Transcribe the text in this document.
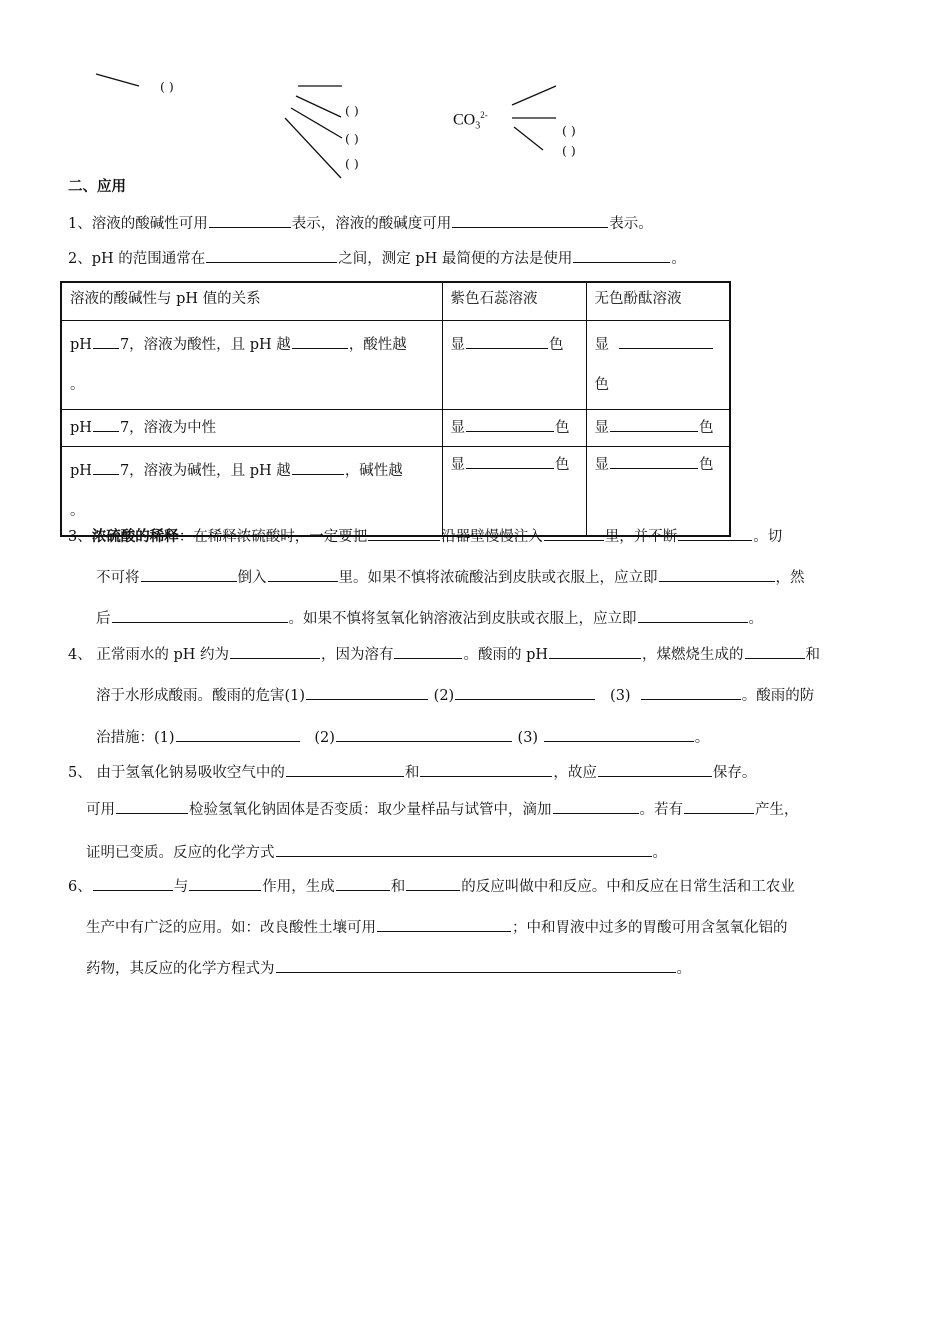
( )
( )
( )
( )
$CO_3^{2-}$
( )
( )
二、应用
1、溶液的酸碱性可用	表示，溶液的酸碱度可用	表示。
2、pH 的范围通常在	之间，测定 pH 最简便的方法是使用	。
溶液的酸碱性与 pH 值的关系	紫色石蕊溶液	无色酚酞溶液
pH 7，溶液为酸性，且 pH 越 ，酸性越
。	显 色	显
色
pH 7，溶液为中性	显 色	显 色
pH 7，溶液为碱性，且 pH 越 ，碱性越
。	显 色	显 色
3、浓硫酸的稀释：在稀释浓硫酸时，一定要把	沿器壁慢慢注入	里，并不断	。切
不可将	倒入	里。如果不慎将浓硫酸沾到皮肤或衣服上，应立即	，然
后	。如果不慎将氢氧化钠溶液沾到皮肤或衣服上，应立即	。
4、 正常雨水的 pH 约为	，因为溶有	。酸雨的 pH	，煤燃烧生成的	和
溶于水形成酸雨。酸雨的危害(1)	(2)	(3)	。酸雨的防
治措施：(1)	(2)	(3)	。
5、 由于氢氧化钠易吸收空气中的	和	，故应	保存。
可用	检验氢氧化钠固体是否变质：取少量样品与试管中，滴加	。若有	产生，
证明已变质。反应的化学方式	。
6、	与	作用，生成	和	的反应叫做中和反应。中和反应在日常生活和工农业
生产中有广泛的应用。如：改良酸性土壤可用	；中和胃液中过多的胃酸可用含氢氧化铝的
药物，其反应的化学方程式为	。
